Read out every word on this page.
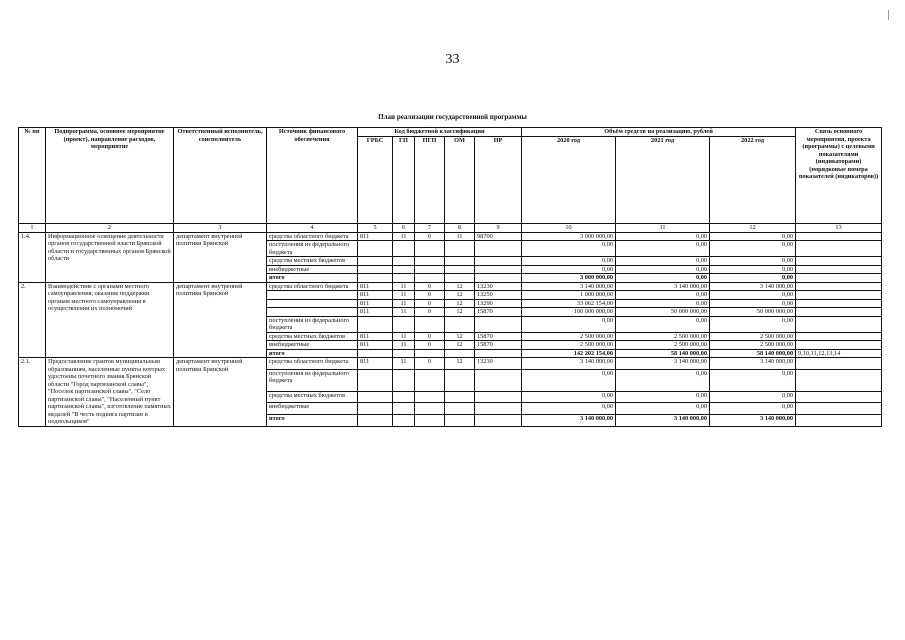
33
План реализации государственной программы
№ пп	Подпрограмма, основное мероприятие (проект), направление расходов, мероприятие	Ответственный исполнитель, соисполнитель	Источник финансового обеспечения	Код бюджетной классификации					Объём средств на реализацию, рублей			Связь основного мероприятия, проекта (программы) с целевыми показателями (индикаторами) (порядковые номера показателей (индикаторов))
				ГРБС	ГП	ПГП	ОМ	НР	2020 год	2021 год	2022 год	
1	2	3	4	5	6	7	8	9	10	11	12	13
1.4.	Информационное освещение деятельности органов государственной власти Брянской области и государственных органов Брянской области	департамент внутренней политики Брянской	средства областного бюджета	811	11	0	11	98700	3 000 000,00	0,00	0,00	
			поступления из федерального бюджета						0,00	0,00	0,00	
			средства местных бюджетов						0,00	0,00	0,00	
			внебюджетные						0,00	0,00	0,00	
			итого						3 000 000,00	0,00	0,00	
2.	Взаимодействие с органами местного самоуправления, оказание поддержки органам местного самоуправления в осуществлении их полномочий	департамент внутренней политики Брянской	средства областного бюджета	811	11	0	12	13230	3 140 000,00	3 140 000,00	3 140 000,00	
				811	11	0	12	13250	1 000 000,00	0,00	0,00	
				811	11	0	12	13290	33 062 154,00	0,00	0,00	
				811	11	0	12	15870	100 000 000,00	50 000 000,00	50 000 000,00	
			поступления из федерального бюджета						0,00	0,00	0,00	
			средства местных бюджетов	811	11	0	12	15870	2 500 000,00	2 500 000,00	2 500 000,00	
			внебюджетные	811	11	0	12	15870	2 500 000,00	2 500 000,00	2 500 000,00	
			итого						142 202 154,00	58 140 000,00	58 140 000,00	9,10,11,12,13,14
2.1.	Предоставление грантов муниципальным образованиям, населенные пункты которых удостоены почетного звания Брянской области "Город партизанской славы", "Поселок партизанской славы", "Село партизанской славы", "Населенный пункт партизанской славы", изготовление памятных медалей "В честь подвига партизан и подпольщиков"	департамент внутренней политики Брянской	средства областного бюджета	811	11	0	12	13230	3 140 000,00	3 140 000,00	3 140 000,00	
			поступления из федерального бюджета						0,00	0,00	0,00	
			средства местных бюджетов						0,00	0,00	0,00	
			внебюджетные						0,00	0,00	0,00	
			итого						3 140 000,00	3 140 000,00	3 140 000,00	
